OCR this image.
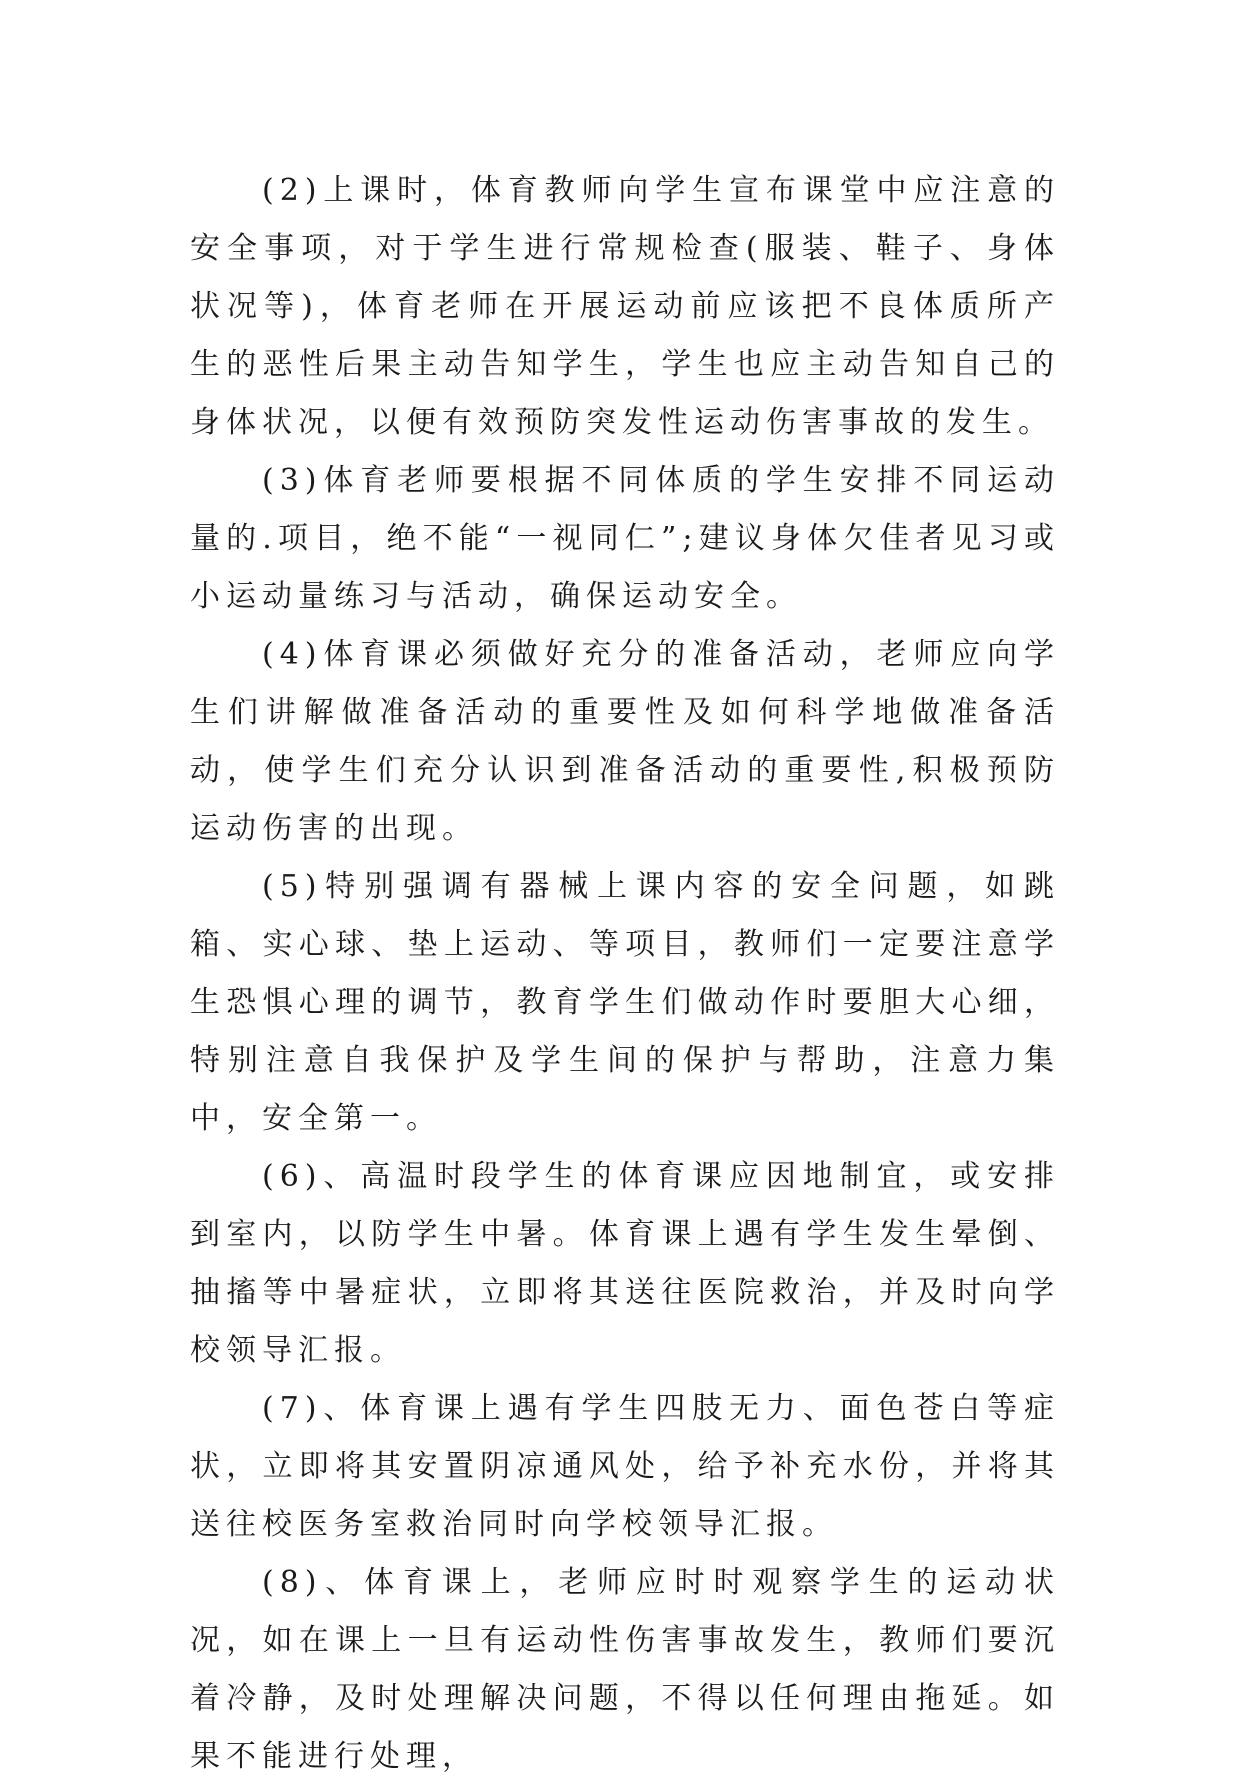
(2)上课时，体育教师向学生宣布课堂中应注意的安全事项，对于学生进行常规检查(服装、鞋子、身体状况等)，体育老师在开展运动前应该把不良体质所产生的恶性后果主动告知学生，学生也应主动告知自己的身体状况，以便有效预防突发性运动伤害事故的发生。

(3)体育老师要根据不同体质的学生安排不同运动量的.项目，绝不能“一视同仁”;建议身体欠佳者见习或小运动量练习与活动，确保运动安全。

(4)体育课必须做好充分的准备活动，老师应向学生们讲解做准备活动的重要性及如何科学地做准备活动，使学生们充分认识到准备活动的重要性,积极预防运动伤害的出现。

(5)特别强调有器械上课内容的安全问题，如跳箱、实心球、垫上运动、等项目，教师们一定要注意学生恐惧心理的调节，教育学生们做动作时要胆大心细，特别注意自我保护及学生间的保护与帮助，注意力集中，安全第一。

(6)、高温时段学生的体育课应因地制宜，或安排到室内，以防学生中暑。体育课上遇有学生发生晕倒、抽搐等中暑症状，立即将其送往医院救治，并及时向学校领导汇报。

(7)、体育课上遇有学生四肢无力、面色苍白等症状，立即将其安置阴凉通风处，给予补充水份，并将其送往校医务室救治同时向学校领导汇报。

(8)、体育课上，老师应时时观察学生的运动状况，如在课上一旦有运动性伤害事故发生，教师们要沉着冷静，及时处理解决问题，不得以任何理由拖延。如果不能进行处理，
